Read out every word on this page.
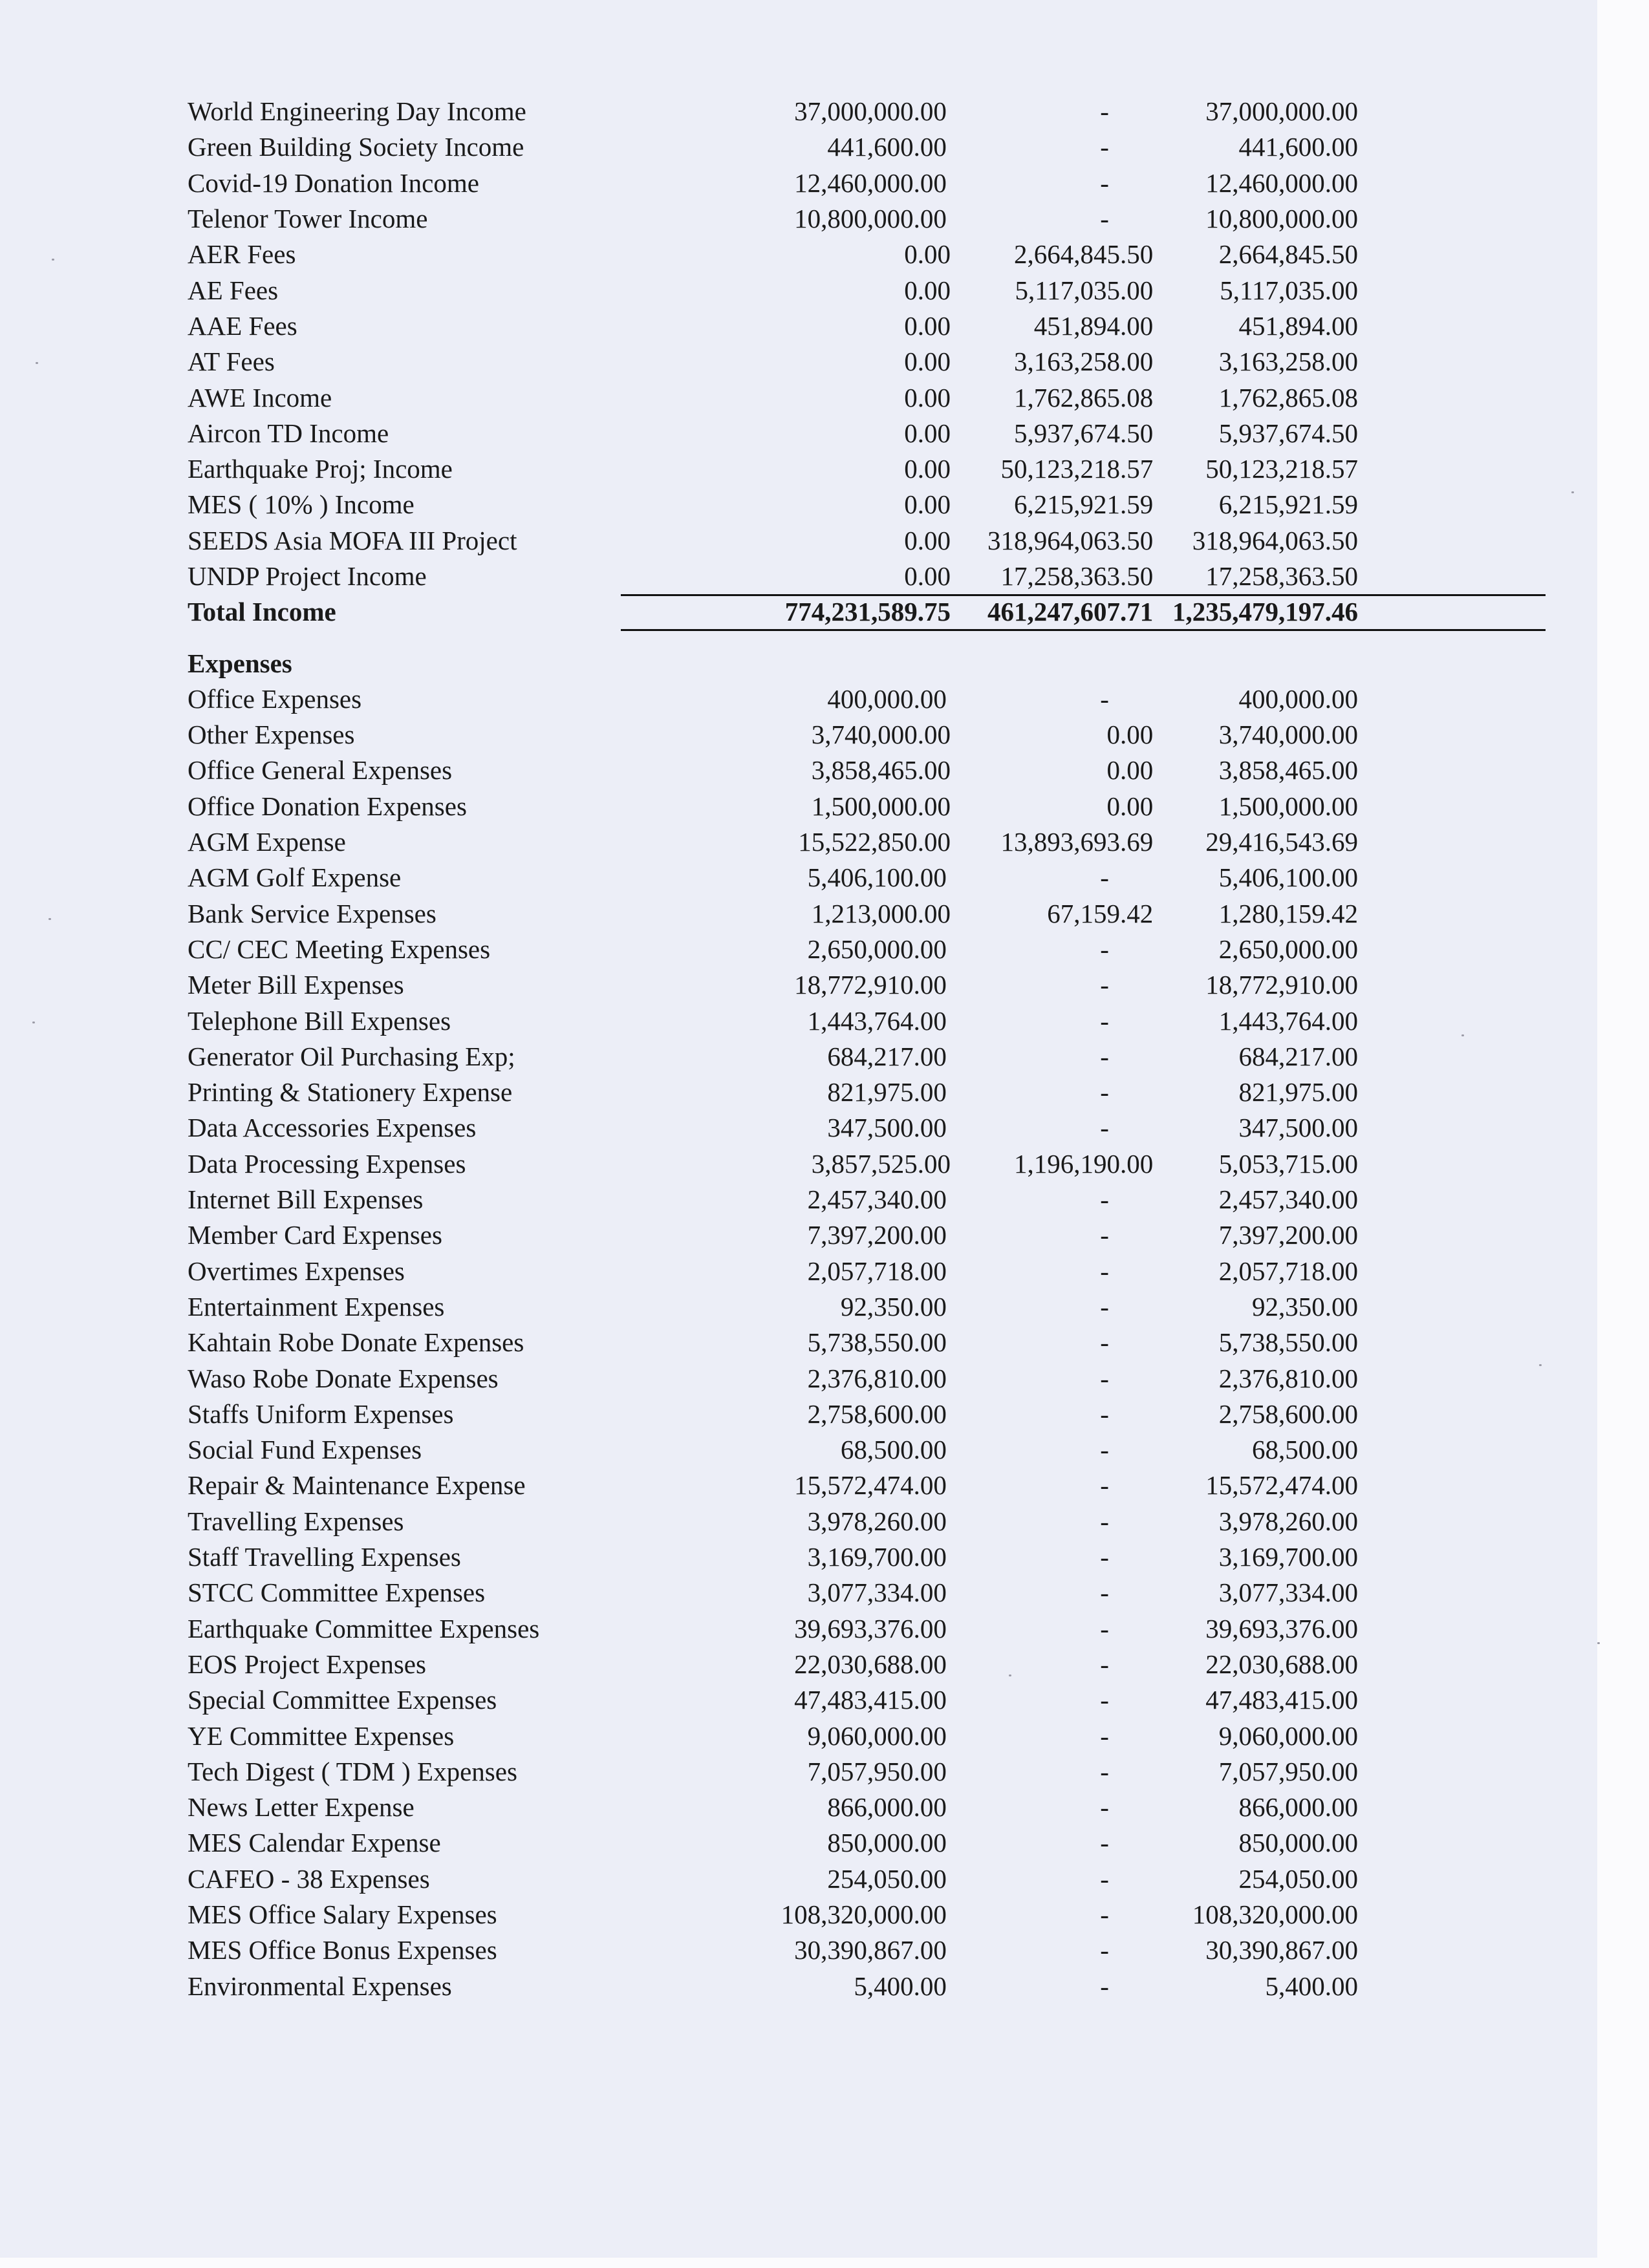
World Engineering Day Income	37,000,000.00	-	37,000,000.00
Green Building Society Income	441,600.00	-	441,600.00
Covid-19 Donation Income	12,460,000.00	-	12,460,000.00
Telenor Tower Income	10,800,000.00	-	10,800,000.00
AER Fees	0.00	2,664,845.50	2,664,845.50
AE Fees	0.00	5,117,035.00	5,117,035.00
AAE Fees	0.00	451,894.00	451,894.00
AT Fees	0.00	3,163,258.00	3,163,258.00
AWE Income	0.00	1,762,865.08	1,762,865.08
Aircon TD Income	0.00	5,937,674.50	5,937,674.50
Earthquake Proj; Income	0.00	50,123,218.57	50,123,218.57
MES ( 10% ) Income	0.00	6,215,921.59	6,215,921.59
SEEDS Asia MOFA III Project	0.00	318,964,063.50	318,964,063.50
UNDP Project Income	0.00	17,258,363.50	17,258,363.50
Total Income	774,231,589.75	461,247,607.71 1,235,479,197.46
Expenses
Office Expenses	400,000.00	-	400,000.00
Other Expenses	3,740,000.00	0.00	3,740,000.00
Office General Expenses	3,858,465.00	0.00	3,858,465.00
Office Donation Expenses	1,500,000.00	0.00	1,500,000.00
AGM Expense	15,522,850.00	13,893,693.69	29,416,543.69
AGM Golf Expense	5,406,100.00	-	5,406,100.00
Bank Service Expenses	1,213,000.00	67,159.42	1,280,159.42
CC/ CEC Meeting Expenses	2,650,000.00	-	2,650,000.00
Meter Bill Expenses	18,772,910.00	-	18,772,910.00
Telephone Bill Expenses	1,443,764.00	-	1,443,764.00
Generator Oil Purchasing Exp;	684,217.00	-	684,217.00
Printing & Stationery Expense	821,975.00	-	821,975.00
Data Accessories Expenses	347,500.00	-	347,500.00
Data Processing Expenses	3,857,525.00	1,196,190.00	5,053,715.00
Internet Bill Expenses	2,457,340.00	-	2,457,340.00
Member Card Expenses	7,397,200.00	-	7,397,200.00
Overtimes Expenses	2,057,718.00	-	2,057,718.00
Entertainment Expenses	92,350.00	-	92,350.00
Kahtain Robe Donate Expenses	5,738,550.00	-	5,738,550.00
Waso Robe Donate Expenses	2,376,810.00	-	2,376,810.00
Staffs Uniform Expenses	2,758,600.00	-	2,758,600.00
Social Fund Expenses	68,500.00	-	68,500.00
Repair & Maintenance Expense	15,572,474.00	-	15,572,474.00
Travelling Expenses	3,978,260.00	-	3,978,260.00
Staff Travelling Expenses	3,169,700.00	-	3,169,700.00
STCC Committee Expenses	3,077,334.00	-	3,077,334.00
Earthquake Committee Expenses	39,693,376.00	-	39,693,376.00
EOS Project Expenses	22,030,688.00	-	22,030,688.00
Special Committee Expenses	47,483,415.00	-	47,483,415.00
YE Committee Expenses	9,060,000.00	-	9,060,000.00
Tech Digest ( TDM ) Expenses	7,057,950.00	-	7,057,950.00
News Letter Expense	866,000.00	-	866,000.00
MES Calendar Expense	850,000.00	-	850,000.00
CAFEO - 38 Expenses	254,050.00	-	254,050.00
MES Office Salary Expenses	108,320,000.00	-	108,320,000.00
MES Office Bonus Expenses	30,390,867.00	-	30,390,867.00
Environmental Expenses	5,400.00	-	5,400.00
